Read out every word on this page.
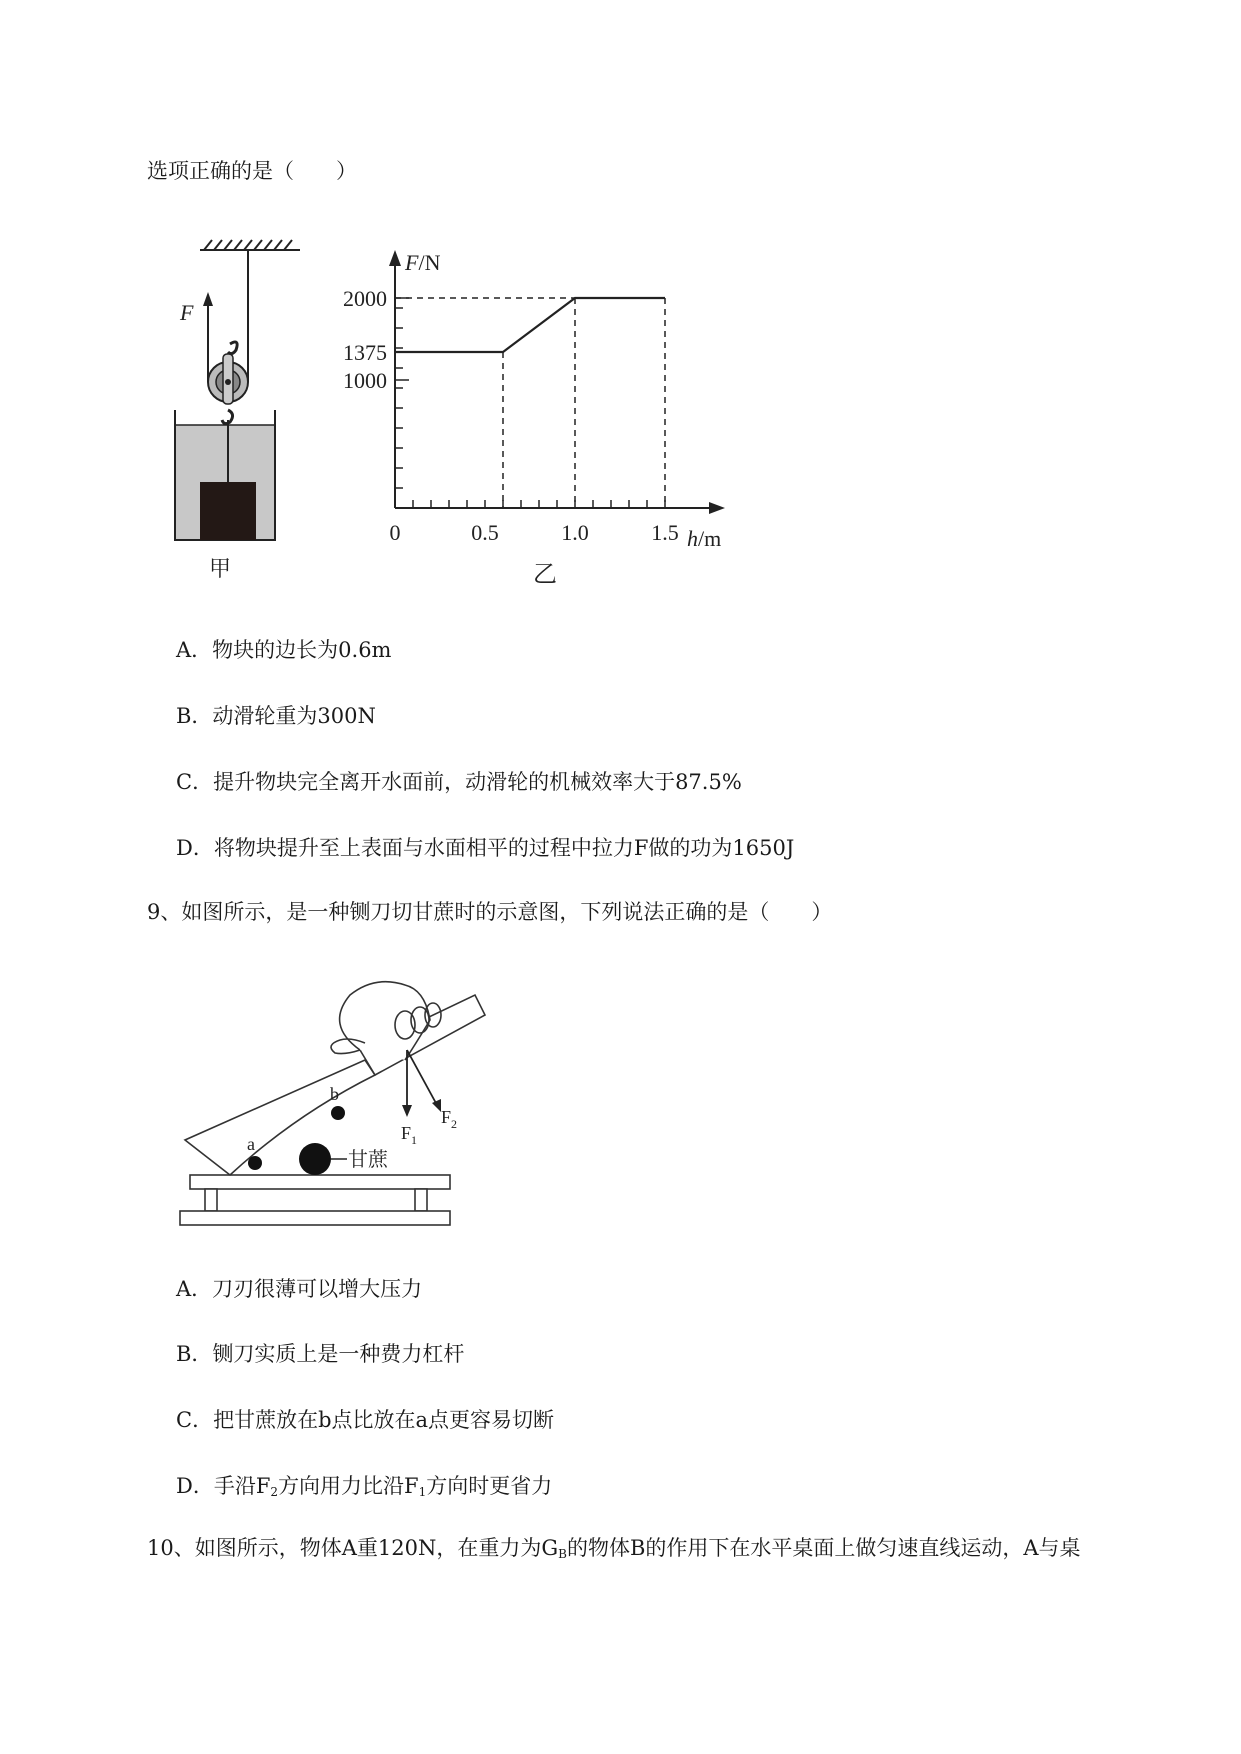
选项正确的是（　　）
F
甲
F/N
h/m
0	0.5	1.0	1.5
1000
1375
2000
乙
A．物块的边长为0.6m
B．动滑轮重为300N
C．提升物块完全离开水面前，动滑轮的机械效率大于87.5%
D．将物块提升至上表面与水面相平的过程中拉力F做的功为1650J
9、如图所示，是一种铡刀切甘蔗时的示意图，下列说法正确的是（　　）
a
b
甘蔗
$F_1$
$F_2$
A．刀刃很薄可以增大压力
B．铡刀实质上是一种费力杠杆
C．把甘蔗放在b点比放在a点更容易切断
D．手沿$F_2$方向用力比沿$F_1$方向时更省力
10、如图所示，物体A重120N，在重力为$G_B$的物体B的作用下在水平桌面上做匀速直线运动，A与桌
